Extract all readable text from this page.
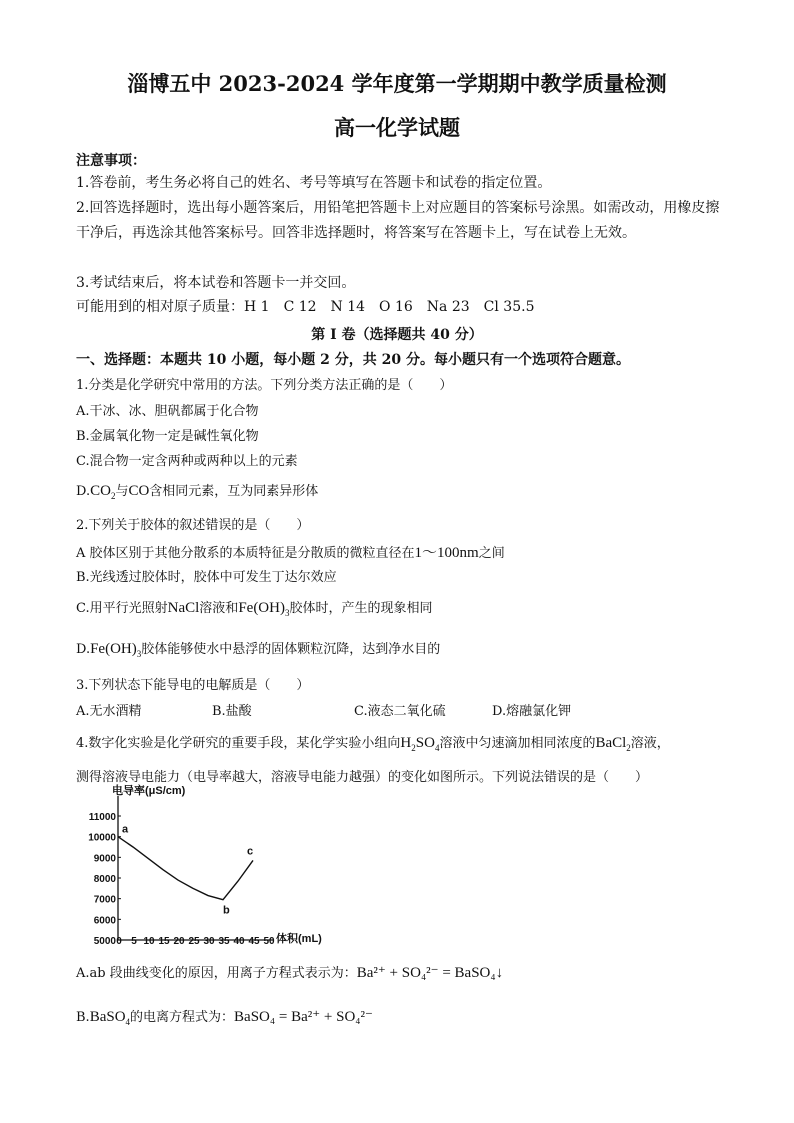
淄博五中 2023-2024 学年度第一学期期中教学质量检测
高一化学试题
注意事项：
1.答卷前，考生务必将自己的姓名、考号等填写在答题卡和试卷的指定位置。
2.回答选择题时，选出每小题答案后，用铅笔把答题卡上对应题目的答案标号涂黑。如需改动，用橡皮擦干净后，再选涂其他答案标号。回答非选择题时，将答案写在答题卡上，写在试卷上无效。
3.考试结束后，将本试卷和答题卡一并交回。
可能用到的相对原子质量：H 1　C 12　N 14　O 16　Na 23　Cl 35.5
第 I 卷（选择题共 40 分）
一、选择题：本题共 10 小题，每小题 2 分，共 20 分。每小题只有一个选项符合题意。
1.分类是化学研究中常用的方法。下列分类方法正确的是（　　）
A.干冰、冰、胆矾都属于化合物
B.金属氧化物一定是碱性氧化物
C.混合物一定含两种或两种以上的元素
$D.CO_2$与CO含相同元素，互为同素异形体
2.下列关于胶体的叙述错误的是（　　）
A 胶体区别于其他分散系的本质特征是分散质的微粒直径在1～100nm之间
B.光线透过胶体时，胶体中可发生丁达尔效应
C.用平行光照射NaCl溶液和$Fe(OH)_3$胶体时，产生的现象相同
$D.Fe(OH)_3$胶体能够使水中悬浮的固体颗粒沉降，达到净水目的
3.下列状态下能导电的电解质是（　　）
A.无水酒精	B.盐酸	C.液态二氧化硫	D.熔融氯化钾
4.数字化实验是化学研究的重要手段，某化学实验小组向$H_2SO_4$溶液中匀速滴加相同浓度的BaCl$_2$溶液，
测得溶液导电能力（电导率越大，溶液导电能力越强）的变化如图所示。下列说法错误的是（　　）
电导率(μS/cm)
体积(mL)
5000
6000
7000
8000
9000
10000
11000
0 5 10 15 20 25 30 35 40 45 50
a
b
c
A.ab 段曲线变化的原因，用离子方程式表示为：Ba²⁺ + SO₄²⁻ = BaSO₄↓
B.BaSO$_4$的电离方程式为：BaSO₄ = Ba²⁺ + SO₄²⁻
